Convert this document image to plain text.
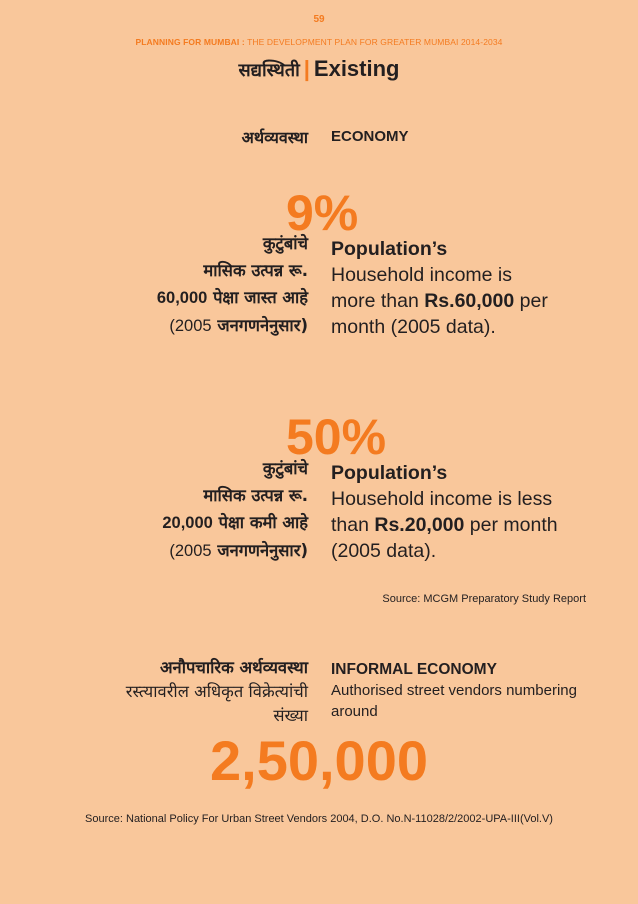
59
PLANNING FOR MUMBAI : THE DEVELOPMENT PLAN FOR GREATER MUMBAI 2014-2034
सद्यस्थिती | Existing
अर्थव्यवस्था ECONOMY
9%
कुटुंबांचे
मासिक उत्पन्न रू.
60,000 पेक्षा जास्त आहे
(2005 जनगणनेनुसार)
Population’s
Household income is
more than Rs.60,000 per
month (2005 data).
50%
कुटुंबांचे
मासिक उत्पन्न रू.
20,000 पेक्षा कमी आहे
(2005 जनगणनेनुसार)
Population’s
Household income is less
than Rs.20,000 per month
(2005 data).
Source: MCGM Preparatory Study Report
अनौपचारिक अर्थव्यवस्था
रस्त्यावरील अधिकृत विक्रेत्यांची
संख्या
INFORMAL ECONOMY
Authorised street vendors numbering
around
2,50,000
Source: National Policy For Urban Street Vendors 2004, D.O. No.N-11028/2/2002-UPA-III(Vol.V)
